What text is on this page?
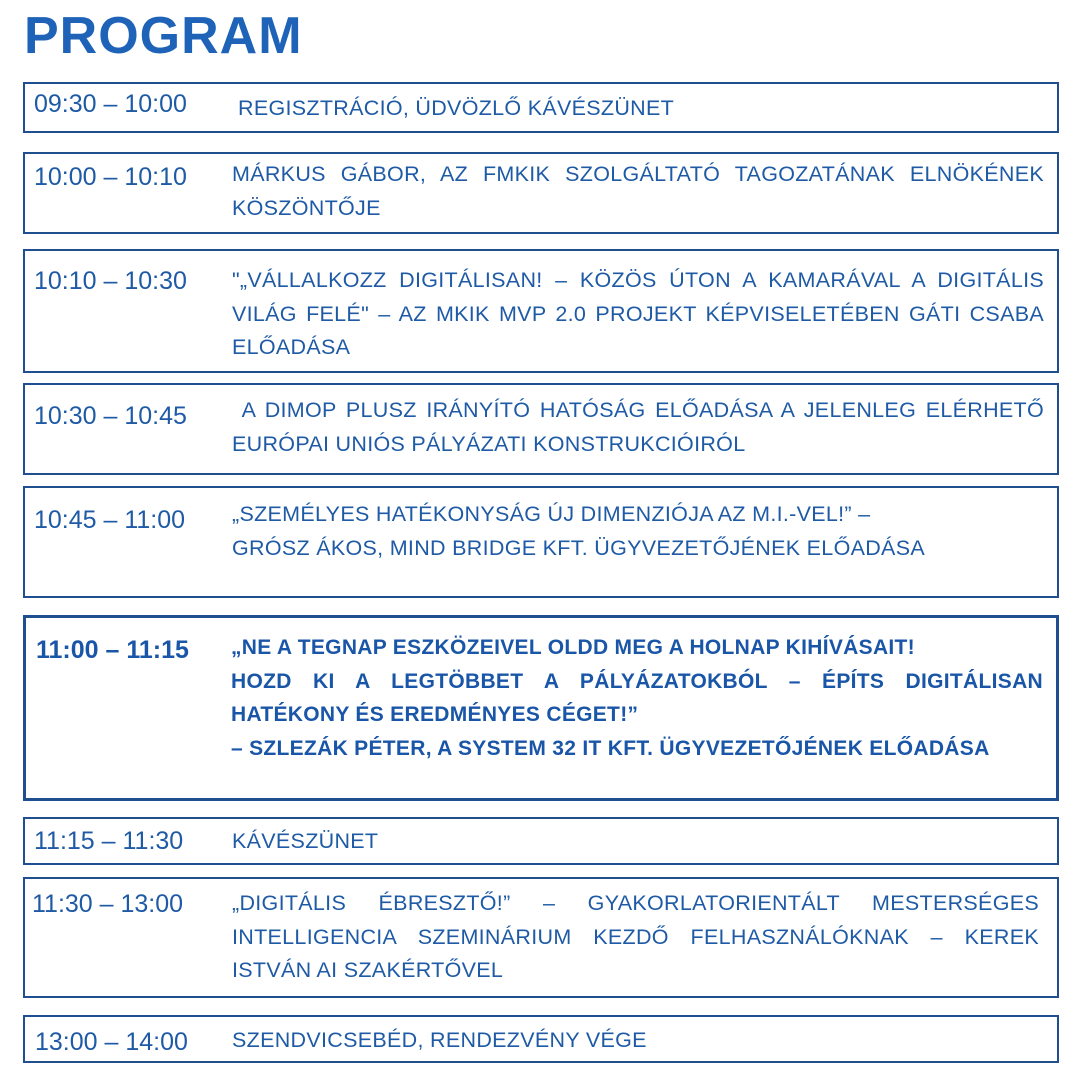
PROGRAM
09:30 – 10:00 REGISZTRÁCIÓ, ÜDVÖZLŐ KÁVÉSZÜNET
10:00 – 10:10 MÁRKUS GÁBOR, AZ FMKIK SZOLGÁLTATÓ TAGOZATÁNAK ELNÖKÉNEK KÖSZÖNTŐJE
10:10 – 10:30 "„VÁLLALKOZZ DIGITÁLISAN! – KÖZÖS ÚTON A KAMARÁVAL A DIGITÁLIS VILÁG FELÉ" – AZ MKIK MVP 2.0 PROJEKT KÉPVISELETÉBEN GÁTI CSABA ELŐADÁSA
10:30 – 10:45 A DIMOP PLUSZ IRÁNYÍTÓ HATÓSÁG ELŐADÁSA A JELENLEG ELÉRHETŐ EURÓPAI UNIÓS PÁLYÁZATI KONSTRUKCIÓIRÓL
10:45 – 11:00 „SZEMÉLYES HATÉKONYSÁG ÚJ DIMENZIÓJA AZ M.I.-VEL!” –
GRÓSZ ÁKOS, MIND BRIDGE KFT. ÜGYVEZETŐJÉNEK ELŐADÁSA
11:00 – 11:15 „NE A TEGNAP ESZKÖZEIVEL OLDD MEG A HOLNAP KIHÍVÁSAIT!
HOZD KI A LEGTÖBBET A PÁLYÁZATOKBÓL – ÉPÍTS DIGITÁLISAN HATÉKONY ÉS EREDMÉNYES CÉGET!”
– SZLEZÁK PÉTER, A SYSTEM 32 IT KFT. ÜGYVEZETŐJÉNEK ELŐADÁSA
11:15 – 11:30 KÁVÉSZÜNET
11:30 – 13:00 „DIGITÁLIS ÉBRESZTŐ!” – GYAKORLATORIENTÁLT MESTERSÉGES INTELLIGENCIA SZEMINÁRIUM KEZDŐ FELHASZNÁLÓKNAK – KEREK ISTVÁN AI SZAKÉRTŐVEL
13:00 – 14:00 SZENDVICSEBÉD, RENDEZVÉNY VÉGE
